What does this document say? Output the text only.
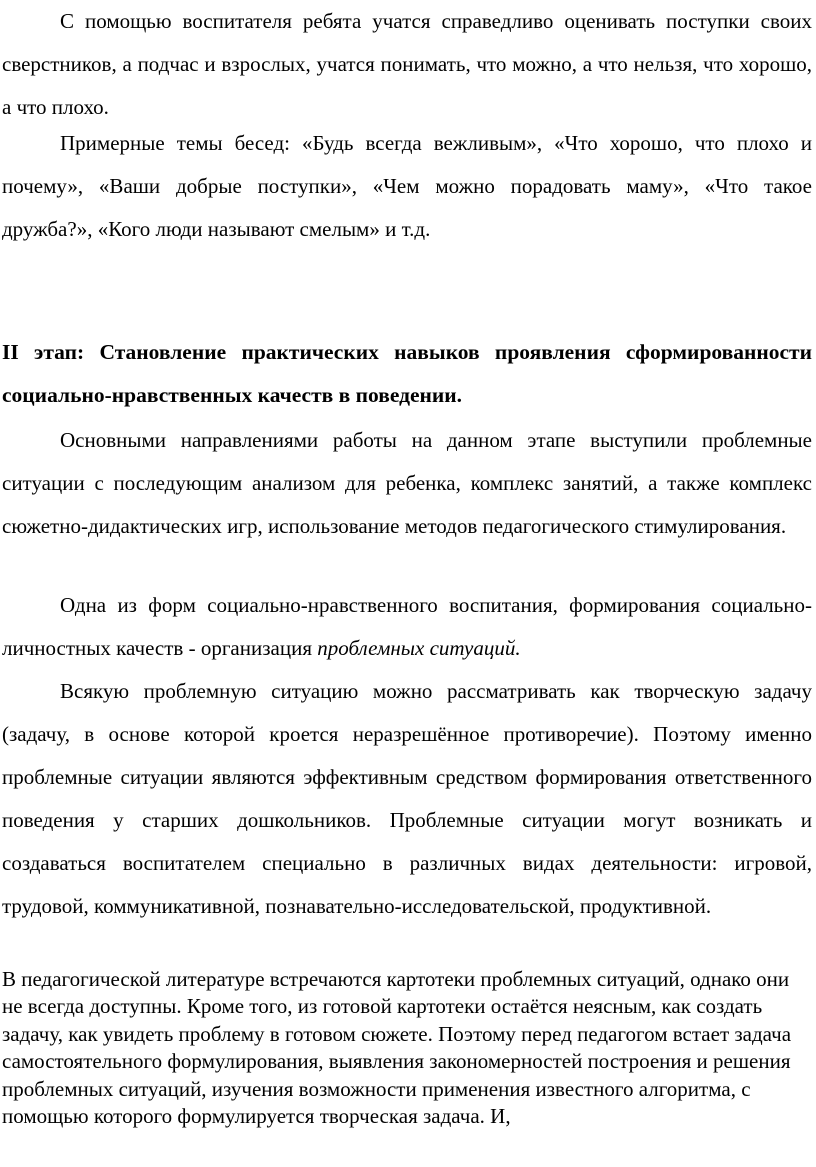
С помощью воспитателя ребята учатся справедливо оценивать поступки своих сверстников, а подчас и взрослых, учатся понимать, что можно, а что нельзя, что хорошо, а что плохо.

Примерные темы бесед: «Будь всегда вежливым», «Что хорошо, что плохо и почему», «Ваши добрые поступки», «Чем можно порадовать маму», «Что такое дружба?», «Кого люди называют смелым» и т.д.

II этап: Становление практических навыков проявления сформированности социально-нравственных качеств в поведении.

Основными направлениями работы на данном этапе выступили проблемные ситуации с последующим анализом для ребенка, комплекс занятий, а также комплекс сюжетно-дидактических игр, использование методов педагогического стимулирования.

Одна из форм социально-нравственного воспитания, формирования социально-личностных качеств - организация проблемных ситуаций.

Всякую проблемную ситуацию можно рассматривать как творческую задачу (задачу, в основе которой кроется неразрешённое противоречие). Поэтому именно проблемные ситуации являются эффективным средством формирования ответственного поведения у старших дошкольников. Проблемные ситуации могут возникать и создаваться воспитателем специально в различных видах деятельности: игровой, трудовой, коммуникативной, познавательно-исследовательской, продуктивной.

В педагогической литературе встречаются картотеки проблемных ситуаций, однако они не всегда доступны. Кроме того, из готовой картотеки остаётся неясным, как создать задачу, как увидеть проблему в готовом сюжете. Поэтому перед педагогом встает задача самостоятельного формулирования, выявления закономерностей построения и решения проблемных ситуаций, изучения возможности применения известного алгоритма, с помощью которого формулируется творческая задача. И,
